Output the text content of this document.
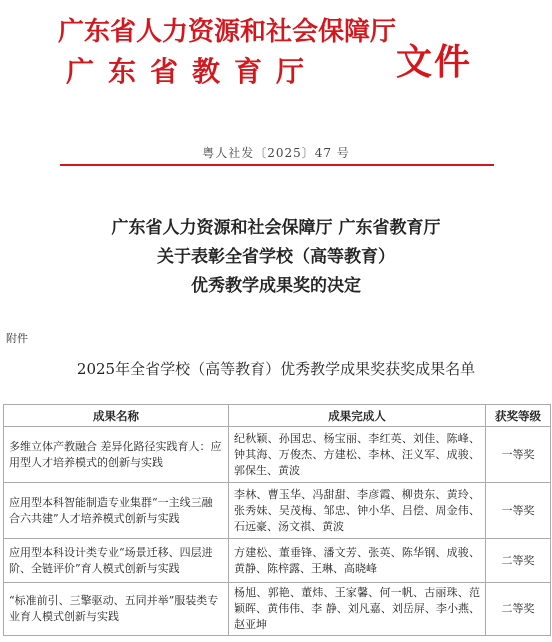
广东省人力资源和社会保障厅
广东省教育厅	文件
粤人社发〔2025〕47 号
广东省人力资源和社会保障厅 广东省教育厅
关于表彰全省学校（高等教育）
优秀教学成果奖的决定
附件
2025年全省学校（高等教育）优秀教学成果奖获奖成果名单
成果名称	成果完成人	获奖等级
多维立体产教融合 差异化路径实践育人：应用型人才培养模式的创新与实践	纪秋颖、孙国忠、杨宝丽、李红英、刘佳、陈峰、钟其海、万俊杰、方建松、李林、汪义军、成骏、郭保生、黄波	一等奖
应用型本科智能制造专业集群“一主线三融合六共建”人才培养模式创新与实践	李林、曹玉华、冯甜甜、李彦霞、柳贵东、黄玲、张秀妹、吴茂梅、邹忠、钟小华、吕偿、周金伟、石远豪、汤文祺、黄波	一等奖
应用型本科设计类专业“场景迁移、四层进阶、全链评价”育人模式创新与实践	方建松、董垂锋、潘文芳、张英、陈华钢、成骏、黄静、陈梓露、王琳、高晓峰	二等奖
“标准前引、三擎驱动、五同并举”服装类专业育人模式创新与实践	杨旭、郭艳、董炜、王家馨、何一帆、古丽珠、范颖晖、黄伟伟、李 静、刘凡嘉、刘岳屏、李小燕、赵亚坤	二等奖
